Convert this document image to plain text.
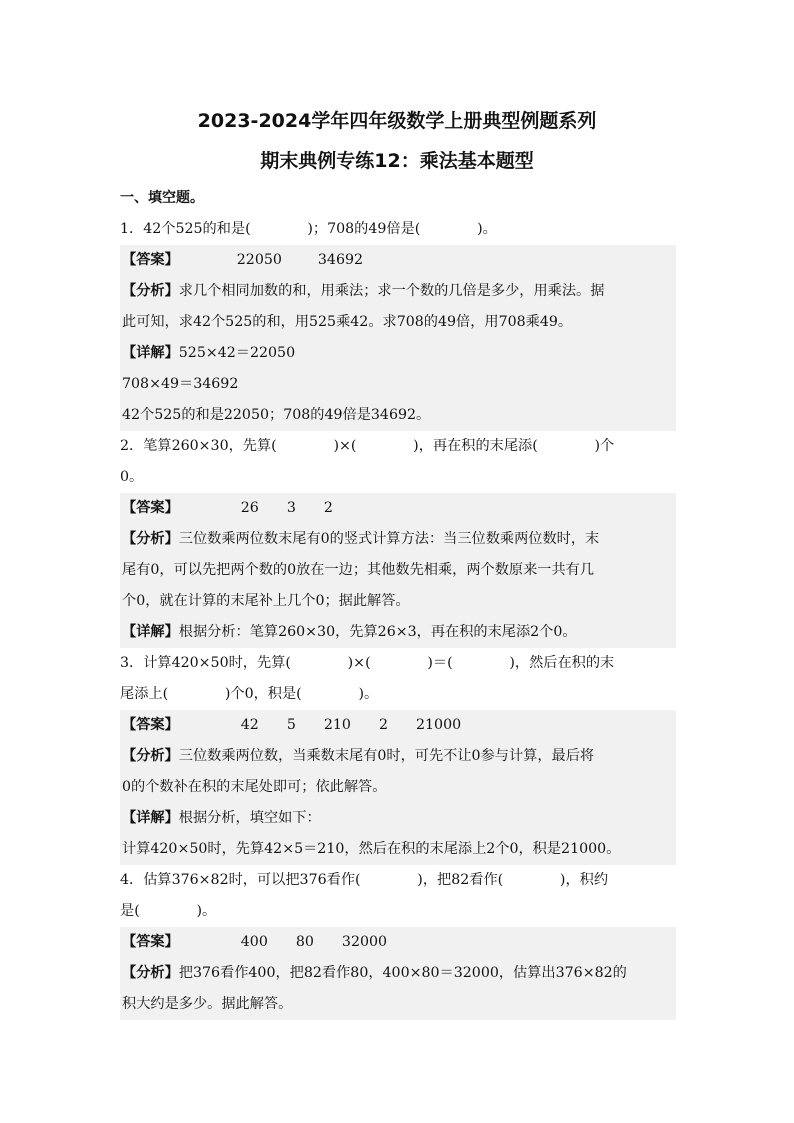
2023-2024学年四年级数学上册典型例题系列
期末典例专练12：乘法基本题型
一、填空题。
1．42个525的和是(　　　　)；708的49倍是(　　　　)。
【答案】	22050	34692
【分析】求几个相同加数的和，用乘法；求一个数的几倍是多少，用乘法。据
此可知，求42个525的和，用525乘42。求708的49倍，用708乘49。
【详解】525×42＝22050
708×49＝34692
42个525的和是22050；708的49倍是34692。
2．笔算260×30，先算(　　　　)×(　　　　)，再在积的末尾添(　　　　)个
0。
【答案】	26 3 2
【分析】三位数乘两位数末尾有0的竖式计算方法：当三位数乘两位数时，末
尾有0，可以先把两个数的0放在一边；其他数先相乘，两个数原来一共有几
个0，就在计算的末尾补上几个0；据此解答。
【详解】根据分析：笔算260×30，先算26×3，再在积的末尾添2个0。
3．计算420×50时，先算(　　　　)×(　　　　)＝(　　　　)，然后在积的末
尾添上(　　　　)个0，积是(　　　　)。
【答案】	42 5 210 2 21000
【分析】三位数乘两位数，当乘数末尾有0时，可先不让0参与计算，最后将
0的个数补在积的末尾处即可；依此解答。
【详解】根据分析，填空如下：
计算420×50时，先算42×5＝210，然后在积的末尾添上2个0，积是21000。
4．估算376×82时，可以把376看作(　　　　)，把82看作(　　　　)，积约
是(　　　　)。
【答案】	400 80 32000
【分析】把376看作400，把82看作80，400×80＝32000，估算出376×82的
积大约是多少。据此解答。
